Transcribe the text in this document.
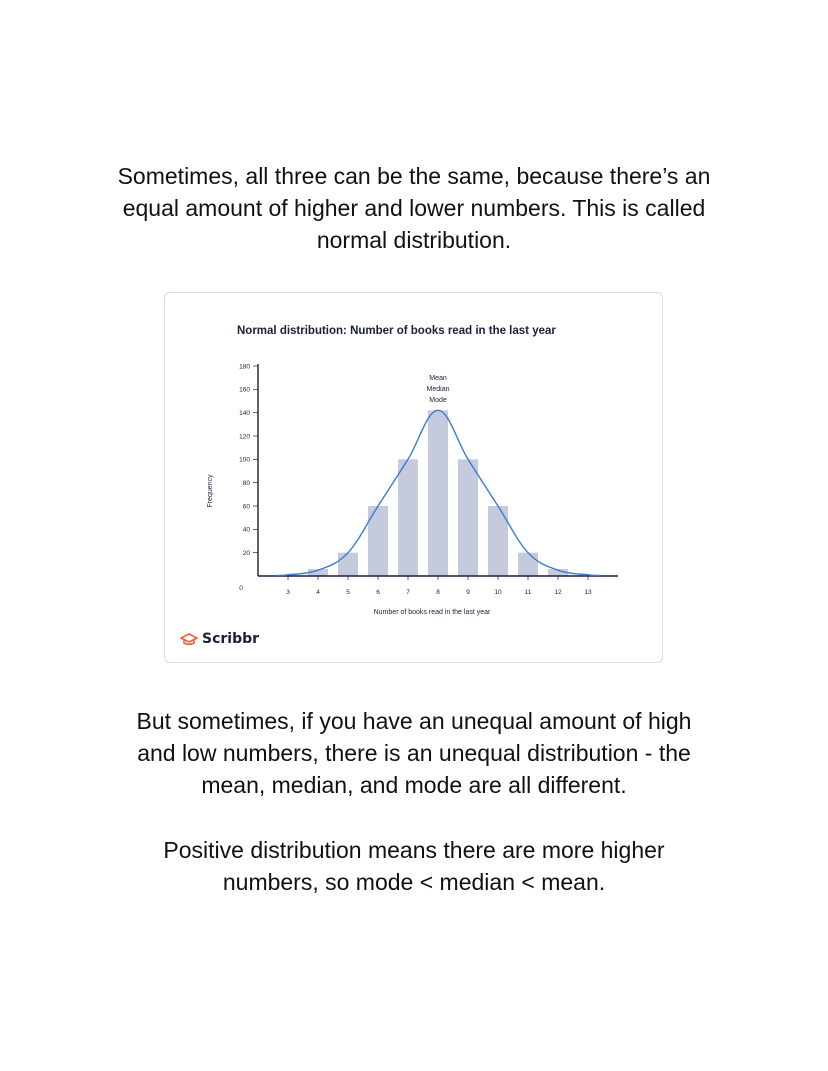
Sometimes, all three can be the same, because there’s an
equal amount of higher and lower numbers. This is called
normal distribution.

Normal distribution: Number of books read in the last year
0
20
40
60
80
100
120
140
160
180
3	4	5	6	7	8	9	10	11	12	13
Mean
Median
Mode
Number of books read in the last year
Frequency
Scribbr

But sometimes, if you have an unequal amount of high
and low numbers, there is an unequal distribution - the
mean, median, and mode are all different.

Positive distribution means there are more higher
numbers, so mode < median < mean.
